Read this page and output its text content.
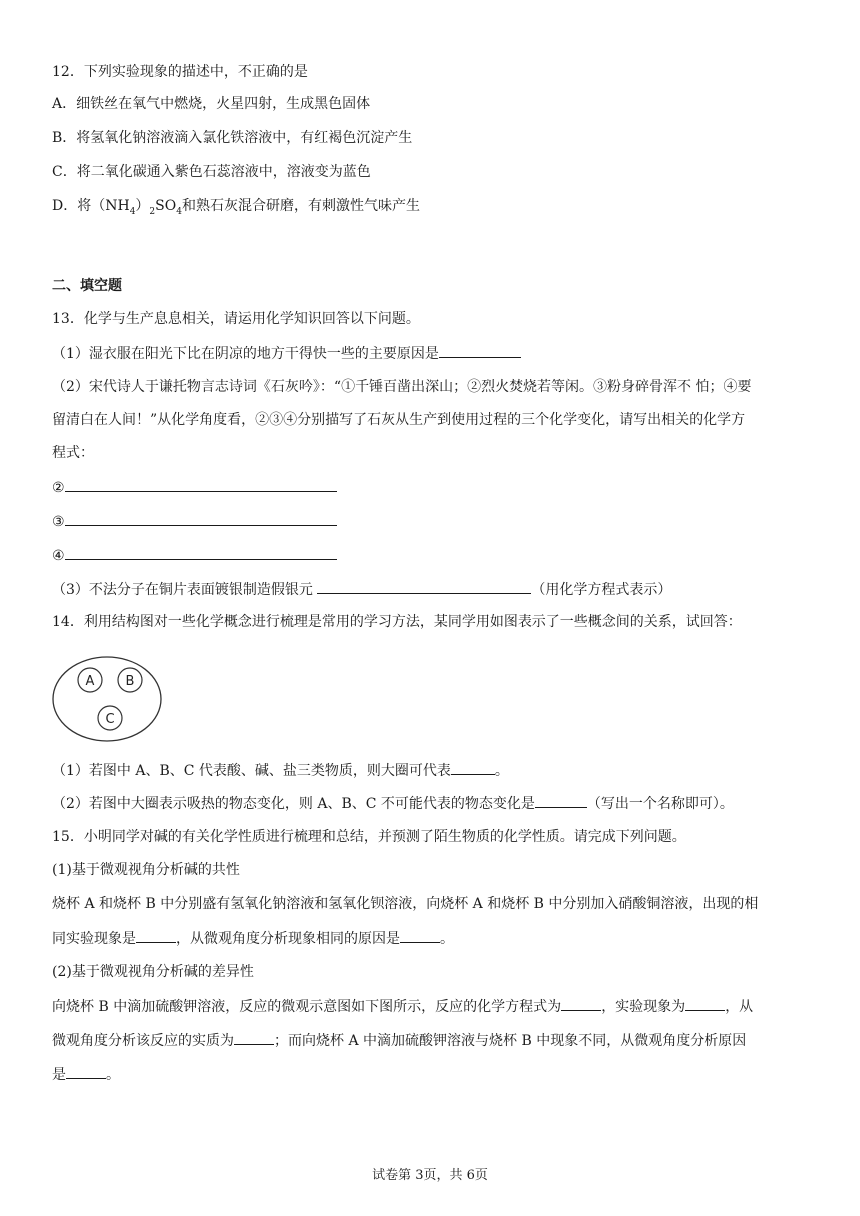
12．下列实验现象的描述中，不正确的是
A．细铁丝在氧气中燃烧，火星四射，生成黑色固体
B．将氢氧化钠溶液滴入氯化铁溶液中，有红褐色沉淀产生
C．将二氧化碳通入紫色石蕊溶液中，溶液变为蓝色
D．将$(NH_4)_2SO_4$和熟石灰混合研磨，有刺激性气味产生
二、填空题
13．化学与生产息息相关，请运用化学知识回答以下问题。
（1）湿衣服在阳光下比在阴凉的地方干得快一些的主要原因是
（2）宋代诗人于谦托物言志诗词《石灰吟》：“①千锤百凿出深山；②烈火焚烧若等闲。③粉身碎骨浑不 怕；④要
留清白在人间！”从化学角度看，②③④分别描写了石灰从生产到使用过程的三个化学变化，请写出相关的化学方
程式：
②
③
④
（3）不法分子在铜片表面镀银制造假银元	（用化学方程式表示）
14．利用结构图对一些化学概念进行梳理是常用的学习方法，某同学用如图表示了一些概念间的关系，试回答：
A B
C
（1）若图中 A、B、C 代表酸、碱、盐三类物质，则大圈可代表	。
（2）若图中大圈表示吸热的物态变化，则 A、B、C 不可能代表的物态变化是	（写出一个名称即可）。
15．小明同学对碱的有关化学性质进行梳理和总结，并预测了陌生物质的化学性质。请完成下列问题。
(1)基于微观视角分析碱的共性
烧杯 A 和烧杯 B 中分别盛有氢氧化钠溶液和氢氧化钡溶液，向烧杯 A 和烧杯 B 中分别加入硝酸铜溶液，出现的相
同实验现象是	，从微观角度分析现象相同的原因是	。
(2)基于微观视角分析碱的差异性
向烧杯 B 中滴加硫酸钾溶液，反应的微观示意图如下图所示，反应的化学方程式为	，实验现象为	，从
微观角度分析该反应的实质为	；而向烧杯 A 中滴加硫酸钾溶液与烧杯 B 中现象不同，从微观角度分析原因
是	。
试卷第 3页，共 6页
